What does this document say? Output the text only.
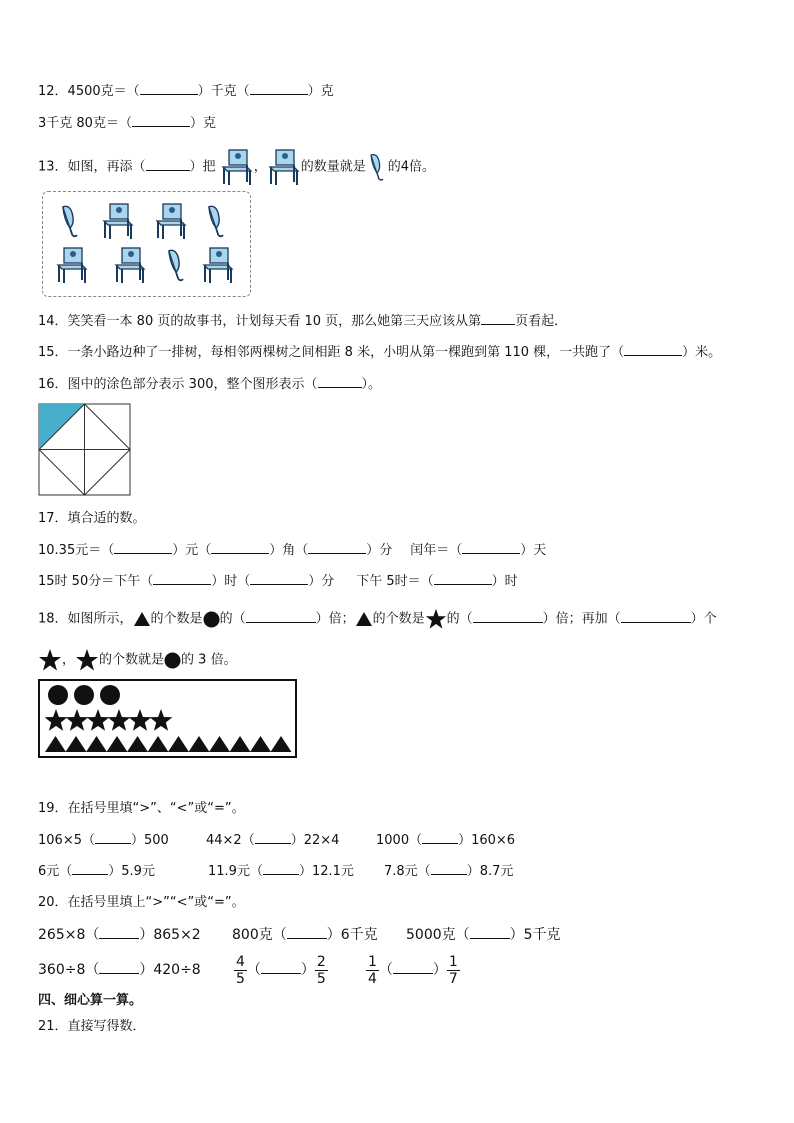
12．4500克＝（	）千克（	）克
3千克 80克＝（	）克
13．如图，再添（	）把	，	的数量就是 的4倍。
14．笑笑看一本 80 页的故事书，计划每天看 10 页，那么她第三天应该从第	页看起．
15．一条小路边种了一排树，每相邻两棵树之间相距 8 米，小明从第一棵跑到第 110 棵，一共跑了（	）米。
16．图中的涂色部分表示 300，整个图形表示（	）。
17．填合适的数。
10.35元＝（	）元（	）角（	）分 闰年＝（	）天
15时 50分＝下午（	）时（	）分 下午 5时＝（	）时
18．如图所示， 的个数是 的（	）倍； 的个数是 的（	）倍；再加（	）个
， 的个数就是 的 3 倍。
19．在括号里填“>”、“<”或“=”。
106×5（	）500	44×2（	）22×4	1000（	）160×6
6元（	）5.9元	11.9元（	）12.1元 7.8元（	）8.7元
20．在括号里填上“>”“<”或“=”。
265×8（	）865×2 800克（	）6千克 5000克（	）5千克
360÷8（	）$420\div 8 \frac{4}{5}$ （	） $\frac{2}{5}$	$\frac{1}{4}$ （	） $\frac{1}{7}$
四、细心算一算。
21．直接写得数．
